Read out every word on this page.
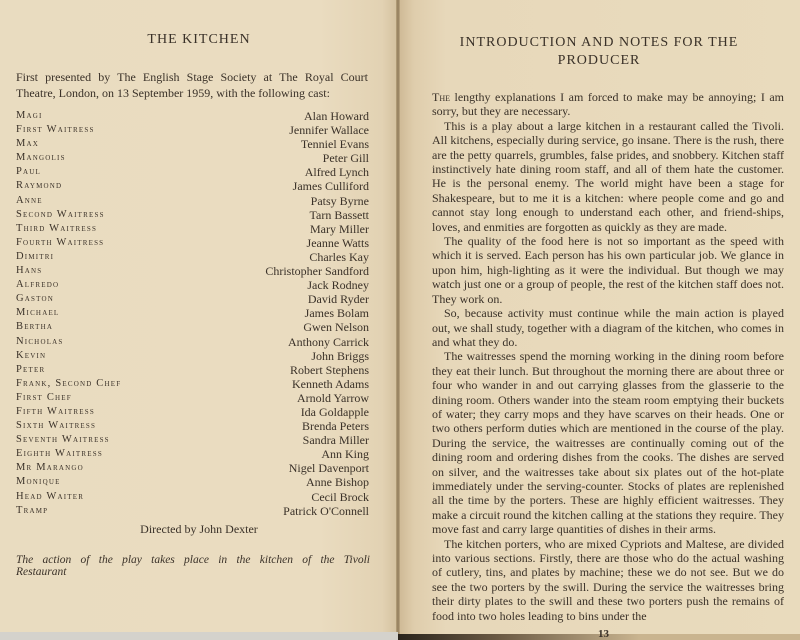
THE KITCHEN
First presented by The English Stage Society at The Royal Court Theatre, London, on 13 September 1959, with the following cast:
Magi	Alan Howard
First Waitress	Jennifer Wallace
Max	Tenniel Evans
Mangolis	Peter Gill
Paul	Alfred Lynch
Raymond	James Culliford
Anne	Patsy Byrne
Second Waitress	Tarn Bassett
Third Waitress	Mary Miller
Fourth Waitress	Jeanne Watts
Dimitri	Charles Kay
Hans	Christopher Sandford
Alfredo	Jack Rodney
Gaston	David Ryder
Michael	James Bolam
Bertha	Gwen Nelson
Nicholas	Anthony Carrick
Kevin	John Briggs
Peter	Robert Stephens
Frank, Second Chef	Kenneth Adams
First Chef	Arnold Yarrow
Fifth Waitress	Ida Goldapple
Sixth Waitress	Brenda Peters
Seventh Waitress	Sandra Miller
Eighth Waitress	Ann King
Mr Marango	Nigel Davenport
Monique	Anne Bishop
Head Waiter	Cecil Brock
Tramp	Patrick O'Connell
Directed by John Dexter
The action of the play takes place in the kitchen of the Tivoli Restaurant
INTRODUCTION AND NOTES FOR THE
PRODUCER

The lengthy explanations I am forced to make may be annoying; I am sorry, but they are necessary.

This is a play about a large kitchen in a restaurant called the Tivoli. All kitchens, especially during service, go insane. There is the rush, there are the petty quarrels, grumbles, false prides, and snobbery. Kitchen staff instinctively hate dining room staff, and all of them hate the customer. He is the personal enemy. The world might have been a stage for Shakespeare, but to me it is a kitchen: where people come and go and cannot stay long enough to understand each other, and friend-ships, loves, and enmities are forgotten as quickly as they are made.

The quality of the food here is not so important as the speed with which it is served. Each person has his own particular job. We glance in upon him, high-lighting as it were the individual. But though we may watch just one or a group of people, the rest of the kitchen staff does not. They work on.

So, because activity must continue while the main action is played out, we shall study, together with a diagram of the kitchen, who comes in and what they do.

The waitresses spend the morning working in the dining room before they eat their lunch. But throughout the morning there are about three or four who wander in and out carrying glasses from the glasserie to the dining room. Others wander into the steam room emptying their buckets of water; they carry mops and they have scarves on their heads. One or two others perform duties which are mentioned in the course of the play. During the service, the waitresses are continually coming out of the dining room and ordering dishes from the cooks. The dishes are served on silver, and the waitresses take about six plates out of the hot-plate immediately under the serving-counter. Stocks of plates are replenished all the time by the porters. These are highly efficient waitresses. They make a circuit round the kitchen calling at the stations they require. They move fast and carry large quantities of dishes in their arms.

The kitchen porters, who are mixed Cypriots and Maltese, are divided into various sections. Firstly, there are those who do the actual washing of cutlery, tins, and plates by machine; these we do not see. But we do see the two porters by the swill. During the service the waitresses bring their dirty plates to the swill and these two porters push the remains of food into two holes leading to bins under the

13
